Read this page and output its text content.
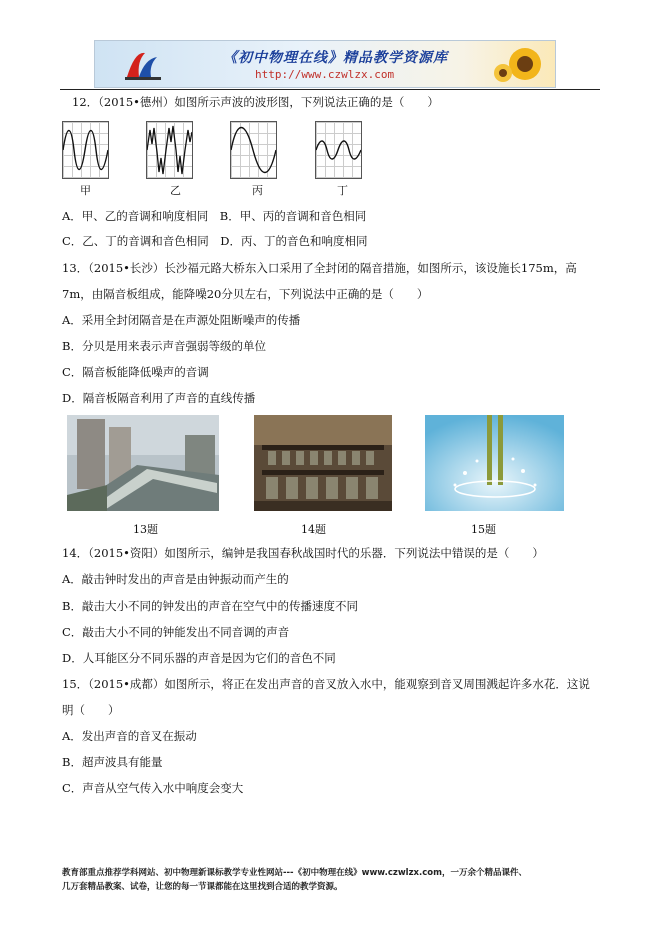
《初中物理在线》精品教学资源库
http://www.czwlzx.com
12．（2015•德州）如图所示声波的波形图，下列说法正确的是（　　）
甲	乙	丙	丁
A．甲、乙的音调和响度相同　B．甲、丙的音调和音色相同
C．乙、丁的音调和音色相同　D．丙、丁的音色和响度相同
13．（2015•长沙）长沙福元路大桥东入口采用了全封闭的隔音措施，如图所示，该设施长175m，高
7m，由隔音板组成，能降噪20分贝左右，下列说法中正确的是（　　）
A．采用全封闭隔音是在声源处阻断噪声的传播
B．分贝是用来表示声音强弱等级的单位
C．隔音板能降低噪声的音调
D．隔音板隔音利用了声音的直线传播
13题	14题	15题
14．（2015•资阳）如图所示，编钟是我国春秋战国时代的乐器．下列说法中错误的是（　　）
A．敲击钟时发出的声音是由钟振动而产生的
B．敲击大小不同的钟发出的声音在空气中的传播速度不同
C．敲击大小不同的钟能发出不同音调的声音
D．人耳能区分不同乐器的声音是因为它们的音色不同
15．（2015•成都）如图所示，将正在发出声音的音叉放入水中，能观察到音叉周围溅起许多水花．这说
明（　　）
A．发出声音的音叉在振动
B．超声波具有能量
C．声音从空气传入水中响度会变大
教育部重点推荐学科网站、初中物理新课标教学专业性网站---《初中物理在线》www.czwlzx.com，一万余个精品课件、
几万套精品教案、试卷，让您的每一节课都能在这里找到合适的教学资源。
